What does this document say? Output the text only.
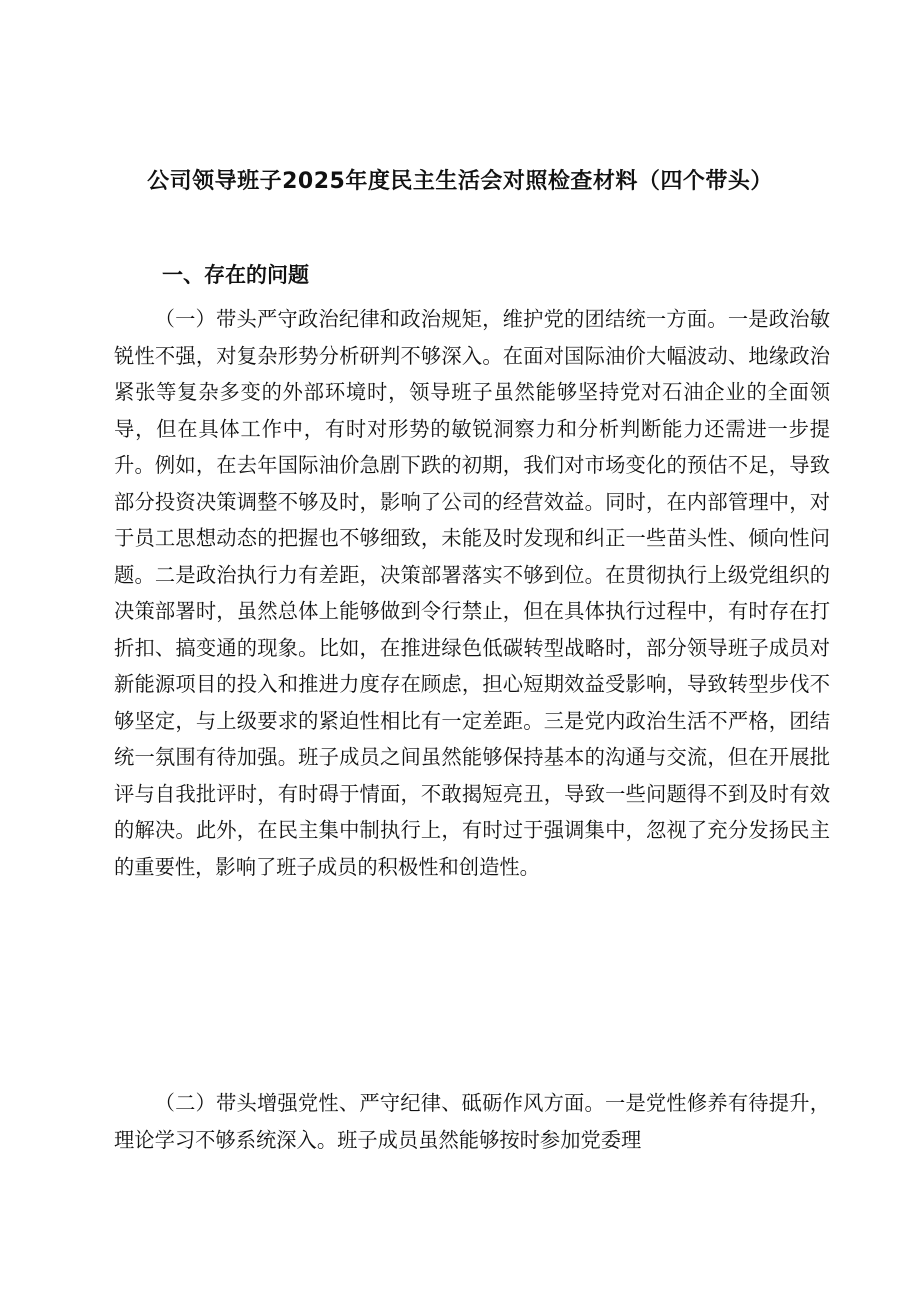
公司领导班子2025年度民主生活会对照检查材料（四个带头）
一、存在的问题

（一）带头严守政治纪律和政治规矩，维护党的团结统一方面。一是政治敏锐性不强，对复杂形势分析研判不够深入。在面对国际油价大幅波动、地缘政治紧张等复杂多变的外部环境时，领导班子虽然能够坚持党对石油企业的全面领导，但在具体工作中，有时对形势的敏锐洞察力和分析判断能力还需进一步提升。例如，在去年国际油价急剧下跌的初期，我们对市场变化的预估不足，导致部分投资决策调整不够及时，影响了公司的经营效益。同时，在内部管理中，对于员工思想动态的把握也不够细致，未能及时发现和纠正一些苗头性、倾向性问题。二是政治执行力有差距，决策部署落实不够到位。在贯彻执行上级党组织的决策部署时，虽然总体上能够做到令行禁止，但在具体执行过程中，有时存在打折扣、搞变通的现象。比如，在推进绿色低碳转型战略时，部分领导班子成员对新能源项目的投入和推进力度存在顾虑，担心短期效益受影响，导致转型步伐不够坚定，与上级要求的紧迫性相比有一定差距。三是党内政治生活不严格，团结统一氛围有待加强。班子成员之间虽然能够保持基本的沟通与交流，但在开展批评与自我批评时，有时碍于情面，不敢揭短亮丑，导致一些问题得不到及时有效的解决。此外，在民主集中制执行上，有时过于强调集中，忽视了充分发扬民主的重要性，影响了班子成员的积极性和创造性。

（二）带头增强党性、严守纪律、砥砺作风方面。一是党性修养有待提升，理论学习不够系统深入。班子成员虽然能够按时参加党委理
